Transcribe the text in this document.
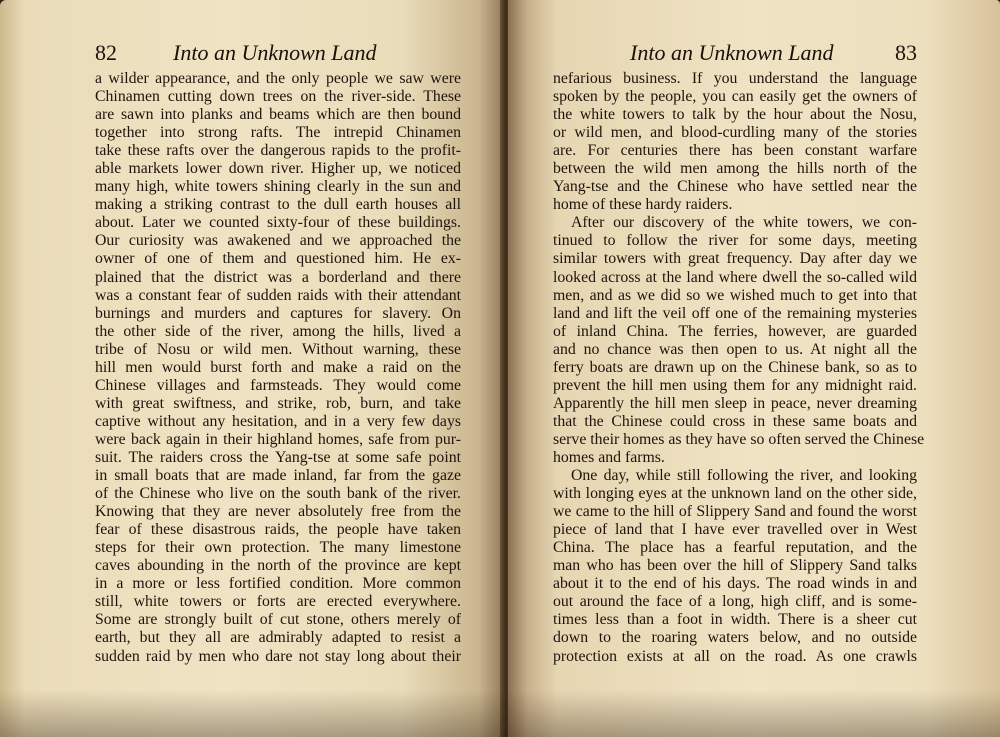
82	Into an Unknown Land
a wilder appearance, and the only people we saw were
Chinamen cutting down trees on the river-side. These
are sawn into planks and beams which are then bound
together into strong rafts. The intrepid Chinamen
take these rafts over the dangerous rapids to the profit-
able markets lower down river. Higher up, we noticed
many high, white towers shining clearly in the sun and
making a striking contrast to the dull earth houses all
about. Later we counted sixty-four of these buildings.
Our curiosity was awakened and we approached the
owner of one of them and questioned him. He ex-
plained that the district was a borderland and there
was a constant fear of sudden raids with their attendant
burnings and murders and captures for slavery. On
the other side of the river, among the hills, lived a
tribe of Nosu or wild men. Without warning, these
hill men would burst forth and make a raid on the
Chinese villages and farmsteads. They would come
with great swiftness, and strike, rob, burn, and take
captive without any hesitation, and in a very few days
were back again in their highland homes, safe from pur-
suit. The raiders cross the Yang-tse at some safe point
in small boats that are made inland, far from the gaze
of the Chinese who live on the south bank of the river.
Knowing that they are never absolutely free from the
fear of these disastrous raids, the people have taken
steps for their own protection. The many limestone
caves abounding in the north of the province are kept
in a more or less fortified condition. More common
still, white towers or forts are erected everywhere.
Some are strongly built of cut stone, others merely of
earth, but they all are admirably adapted to resist a
sudden raid by men who dare not stay long about their
Into an Unknown Land	83
nefarious business. If you understand the language
spoken by the people, you can easily get the owners of
the white towers to talk by the hour about the Nosu,
or wild men, and blood-curdling many of the stories
are. For centuries there has been constant warfare
between the wild men among the hills north of the
Yang-tse and the Chinese who have settled near the
home of these hardy raiders.
After our discovery of the white towers, we con-
tinued to follow the river for some days, meeting
similar towers with great frequency. Day after day we
looked across at the land where dwell the so-called wild
men, and as we did so we wished much to get into that
land and lift the veil off one of the remaining mysteries
of inland China. The ferries, however, are guarded
and no chance was then open to us. At night all the
ferry boats are drawn up on the Chinese bank, so as to
prevent the hill men using them for any midnight raid.
Apparently the hill men sleep in peace, never dreaming
that the Chinese could cross in these same boats and
serve their homes as they have so often served the Chinese
homes and farms.
One day, while still following the river, and looking
with longing eyes at the unknown land on the other side,
we came to the hill of Slippery Sand and found the worst
piece of land that I have ever travelled over in West
China. The place has a fearful reputation, and the
man who has been over the hill of Slippery Sand talks
about it to the end of his days. The road winds in and
out around the face of a long, high cliff, and is some-
times less than a foot in width. There is a sheer cut
down to the roaring waters below, and no outside
protection exists at all on the road. As one crawls
